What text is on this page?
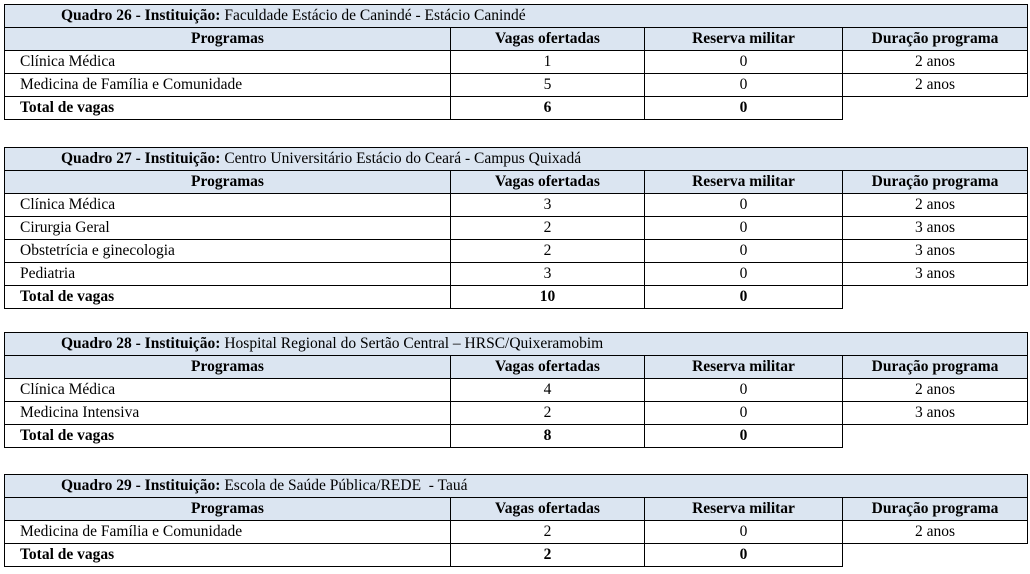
Quadro 26 - Instituição: Faculdade Estácio de Canindé - Estácio Canindé			
Programas	Vagas ofertadas	Reserva militar	Duração programa
Clínica Médica	1	0	2 anos
Medicina de Família e Comunidade	5	0	2 anos
Total de vagas	6	0	
Quadro 27 - Instituição: Centro Universitário Estácio do Ceará - Campus Quixadá			
Programas	Vagas ofertadas	Reserva militar	Duração programa
Clínica Médica	3	0	2 anos
Cirurgia Geral	2	0	3 anos
Obstetrícia e ginecologia	2	0	3 anos
Pediatria	3	0	3 anos
Total de vagas	10	0	
Quadro 28 - Instituição: Hospital Regional do Sertão Central – HRSC/Quixeramobim			
Programas	Vagas ofertadas	Reserva militar	Duração programa
Clínica Médica	4	0	2 anos
Medicina Intensiva	2	0	3 anos
Total de vagas	8	0	
Quadro 29 - Instituição: Escola de Saúde Pública/REDE  - Tauá			
Programas	Vagas ofertadas	Reserva militar	Duração programa
Medicina de Família e Comunidade	2	0	2 anos
Total de vagas	2	0	
